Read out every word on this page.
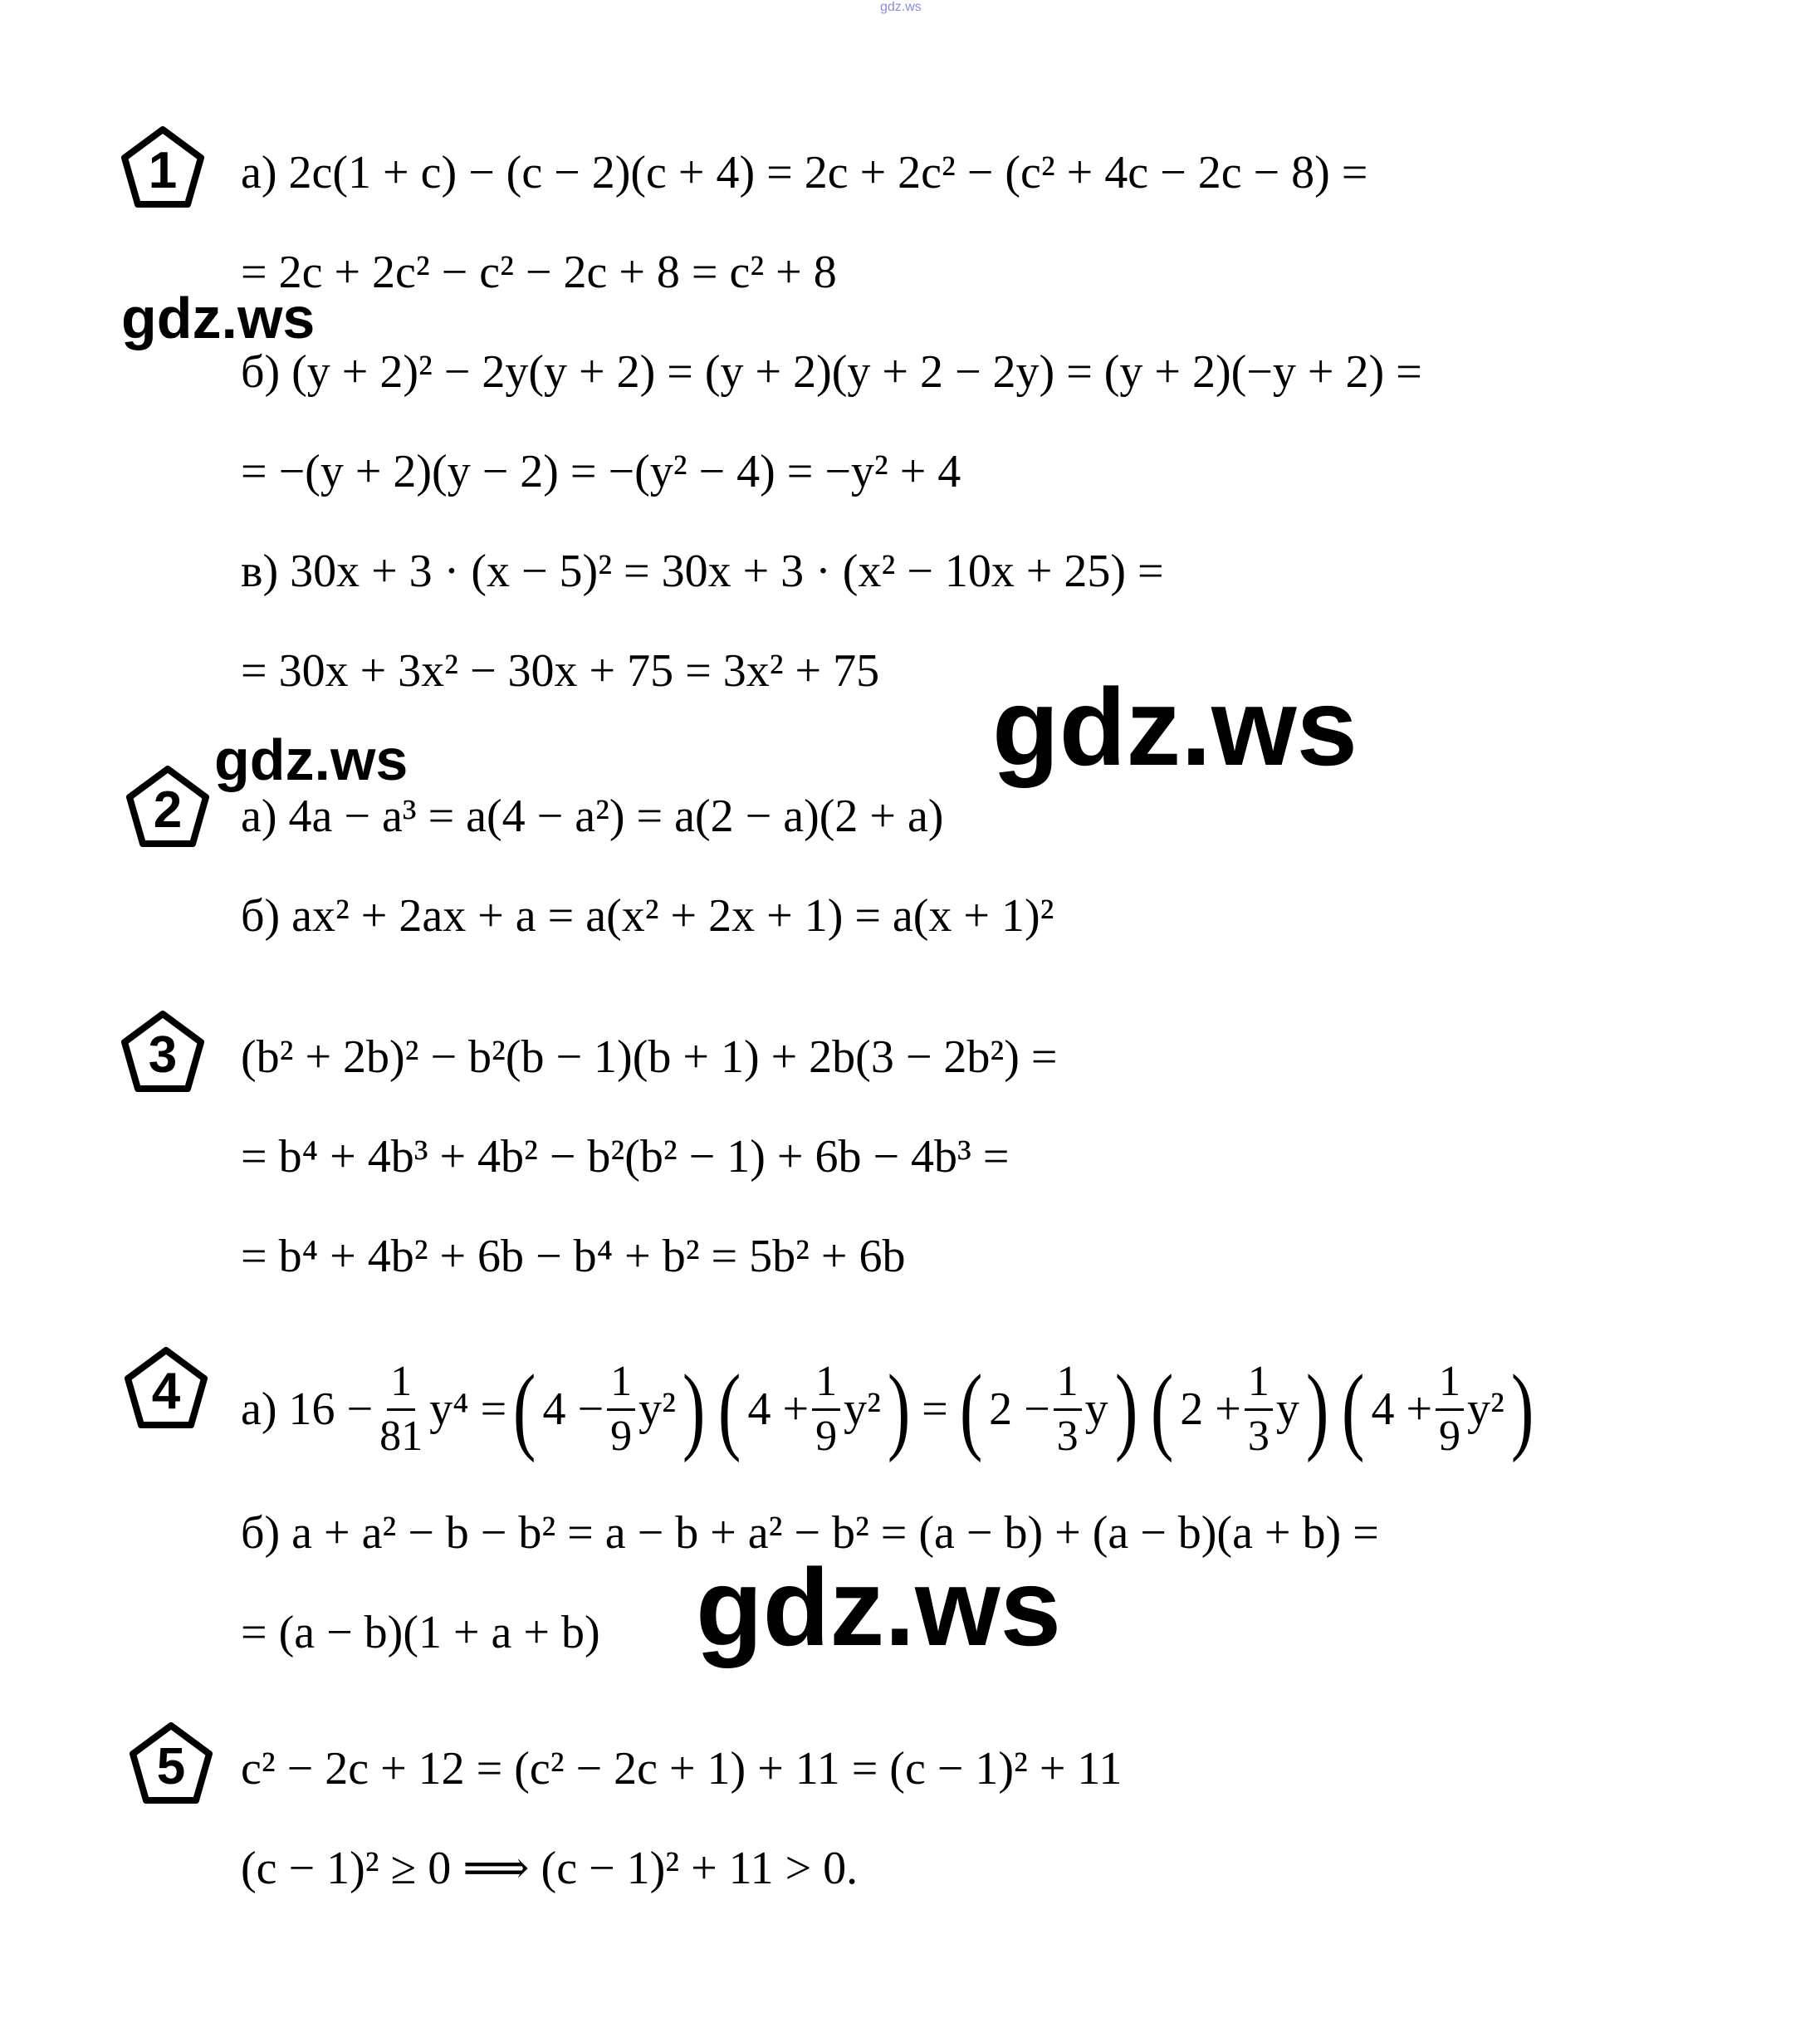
gdz.ws
gdz.ws
gdz.ws
gdz.ws
gdz.ws
1	а) 2c(1 + c) − (c − 2)(c + 4) = 2c + 2c² − (c² + 4c − 2c − 8) =
= 2c + 2c² − c² − 2c + 8 = c² + 8
б) (y + 2)² − 2y(y + 2) = (y + 2)(y + 2 − 2y) = (y + 2)(−y + 2) =
= −(y + 2)(y − 2) = −(y² − 4) = −y² + 4
в) 30x + 3 · (x − 5)² = 30x + 3 · (x² − 10x + 25) =
= 30x + 3x² − 30x + 75 = 3x² + 75
2	а) 4a − a³ = a(4 − a²) = a(2 − a)(2 + a)
б) ax² + 2ax + a = a(x² + 2x + 1) = a(x + 1)²
3	(b² + 2b)² − b²(b − 1)(b + 1) + 2b(3 − 2b²) =
= b⁴ + 4b³ + 4b² − b²(b² − 1) + 6b − 4b³ =
= b⁴ + 4b² + 6b − b⁴ + b² = 5b² + 6b
4	а) $16 - \frac{1}{81} y^4$ = ( $4 - \frac{1}{9} y^2$ ) ( $4 + \frac{1}{9} y^2$ ) = ( $2 - \frac{1}{3}$ y ) ( $2 + \frac{1}{3}$ y ) ( $4 + \frac{1}{9} y^2$ )
б) a + a² − b − b² = a − b + a² − b² = (a − b) + (a − b)(a + b) =
= (a − b)(1 + a + b)
5	c² − 2c + 12 = (c² − 2c + 1) + 11 = (c − 1)² + 11
(c − 1)² ≥ 0 ⟹ (c − 1)² + 11 > 0.
